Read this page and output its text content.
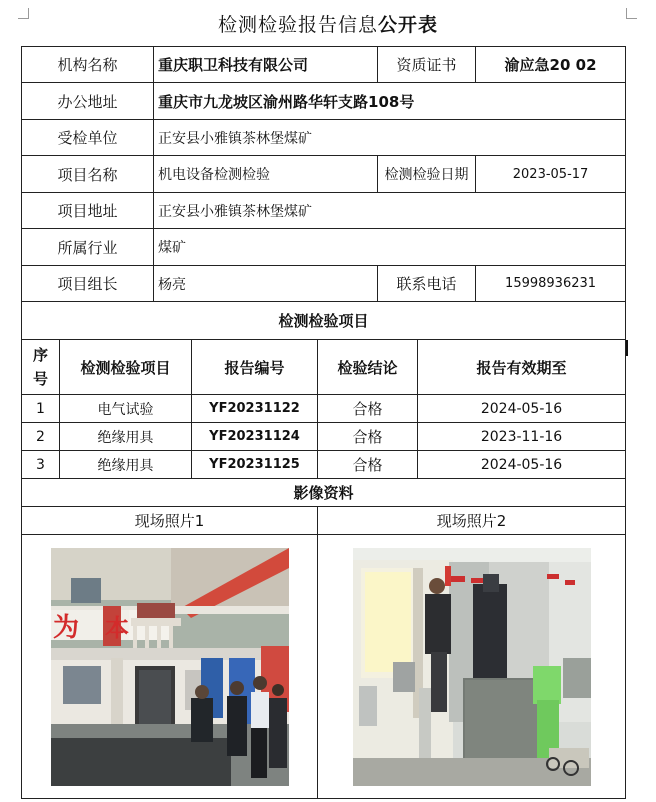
检测检验报告信息公开表
机构名称		重庆职卫科技有限公司			资质证书		渝应急20 02
办公地址		重庆市九龙坡区渝州路华轩支路108号					
受检单位		正安县小雅镇茶林堡煤矿					
项目名称		机电设备检测检验			检测检验日期		2023-05-17
项目地址		正安县小雅镇茶林堡煤矿					
所属行业		煤矿					
项目组长		杨亮			联系电话		15998936231
检测检验项目							
序号	检测检验项目		报告编号	检验结论		报告有效期至	
1	电气试验		YF20231122	合格		2024-05-16	
2	绝缘用具		YF20231124	合格		2023-11-16	
3	绝缘用具		YF20231125	合格		2024-05-16	
影像资料							
现场照片1				现场照片2			

为 本
